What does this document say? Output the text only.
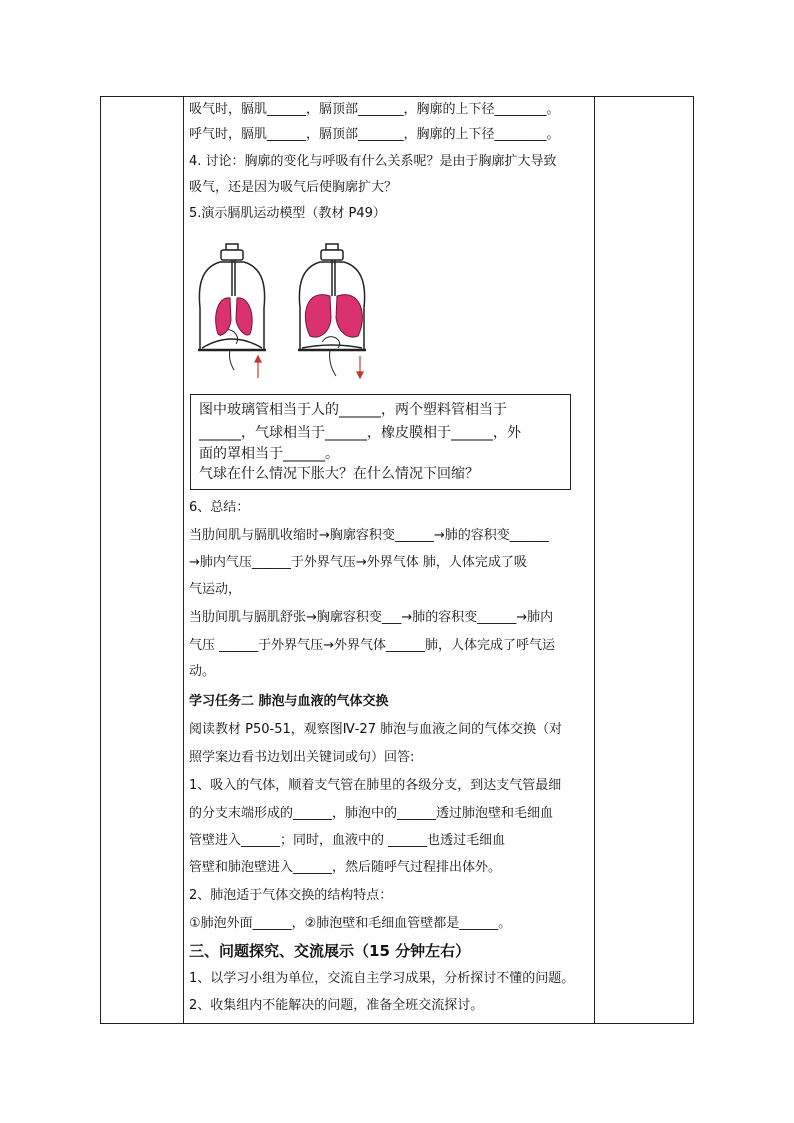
吸气时，膈肌______，膈顶部_______，胸廓的上下径________。
呼气时，膈肌______，膈顶部_______，胸廓的上下径________。
4. 讨论：胸廓的变化与呼吸有什么关系呢？是由于胸廓扩大导致
吸气，还是因为吸气后使胸廓扩大？
5.演示膈肌运动模型（教材 P49）
6、总结：
当肋间肌与膈肌收缩时→胸廓容积变______→肺的容积变______
→肺内气压______于外界气压→外界气体 肺，人体完成了吸
气运动，
当肋间肌与膈肌舒张→胸廓容积变___→肺的容积变______→肺内
气压 ______于外界气压→外界气体______肺，人体完成了呼气运
动。
学习任务二 肺泡与血液的气体交换
阅读教材 P50-51，观察图Ⅳ-27 肺泡与血液之间的气体交换（对
照学案边看书边划出关键词或句）回答:
1、吸入的气体，顺着支气管在肺里的各级分支，到达支气管最细
的分支末端形成的______，肺泡中的______透过肺泡壁和毛细血
管壁进入______；同时，血液中的 ______也透过毛细血
管壁和肺泡壁进入______，然后随呼气过程排出体外。
2、肺泡适于气体交换的结构特点：
①肺泡外面______，②肺泡壁和毛细血管壁都是______。
三、问题探究、交流展示（15 分钟左右）
1、以学习小组为单位，交流自主学习成果，分析探讨不懂的问题。
2、收集组内不能解决的问题，准备全班交流探讨。
图中玻璃管相当于人的______，两个塑料管相当于
______，气球相当于______，橡皮膜相于______，外
面的罩相当于______。
气球在什么情况下胀大？在什么情况下回缩？
